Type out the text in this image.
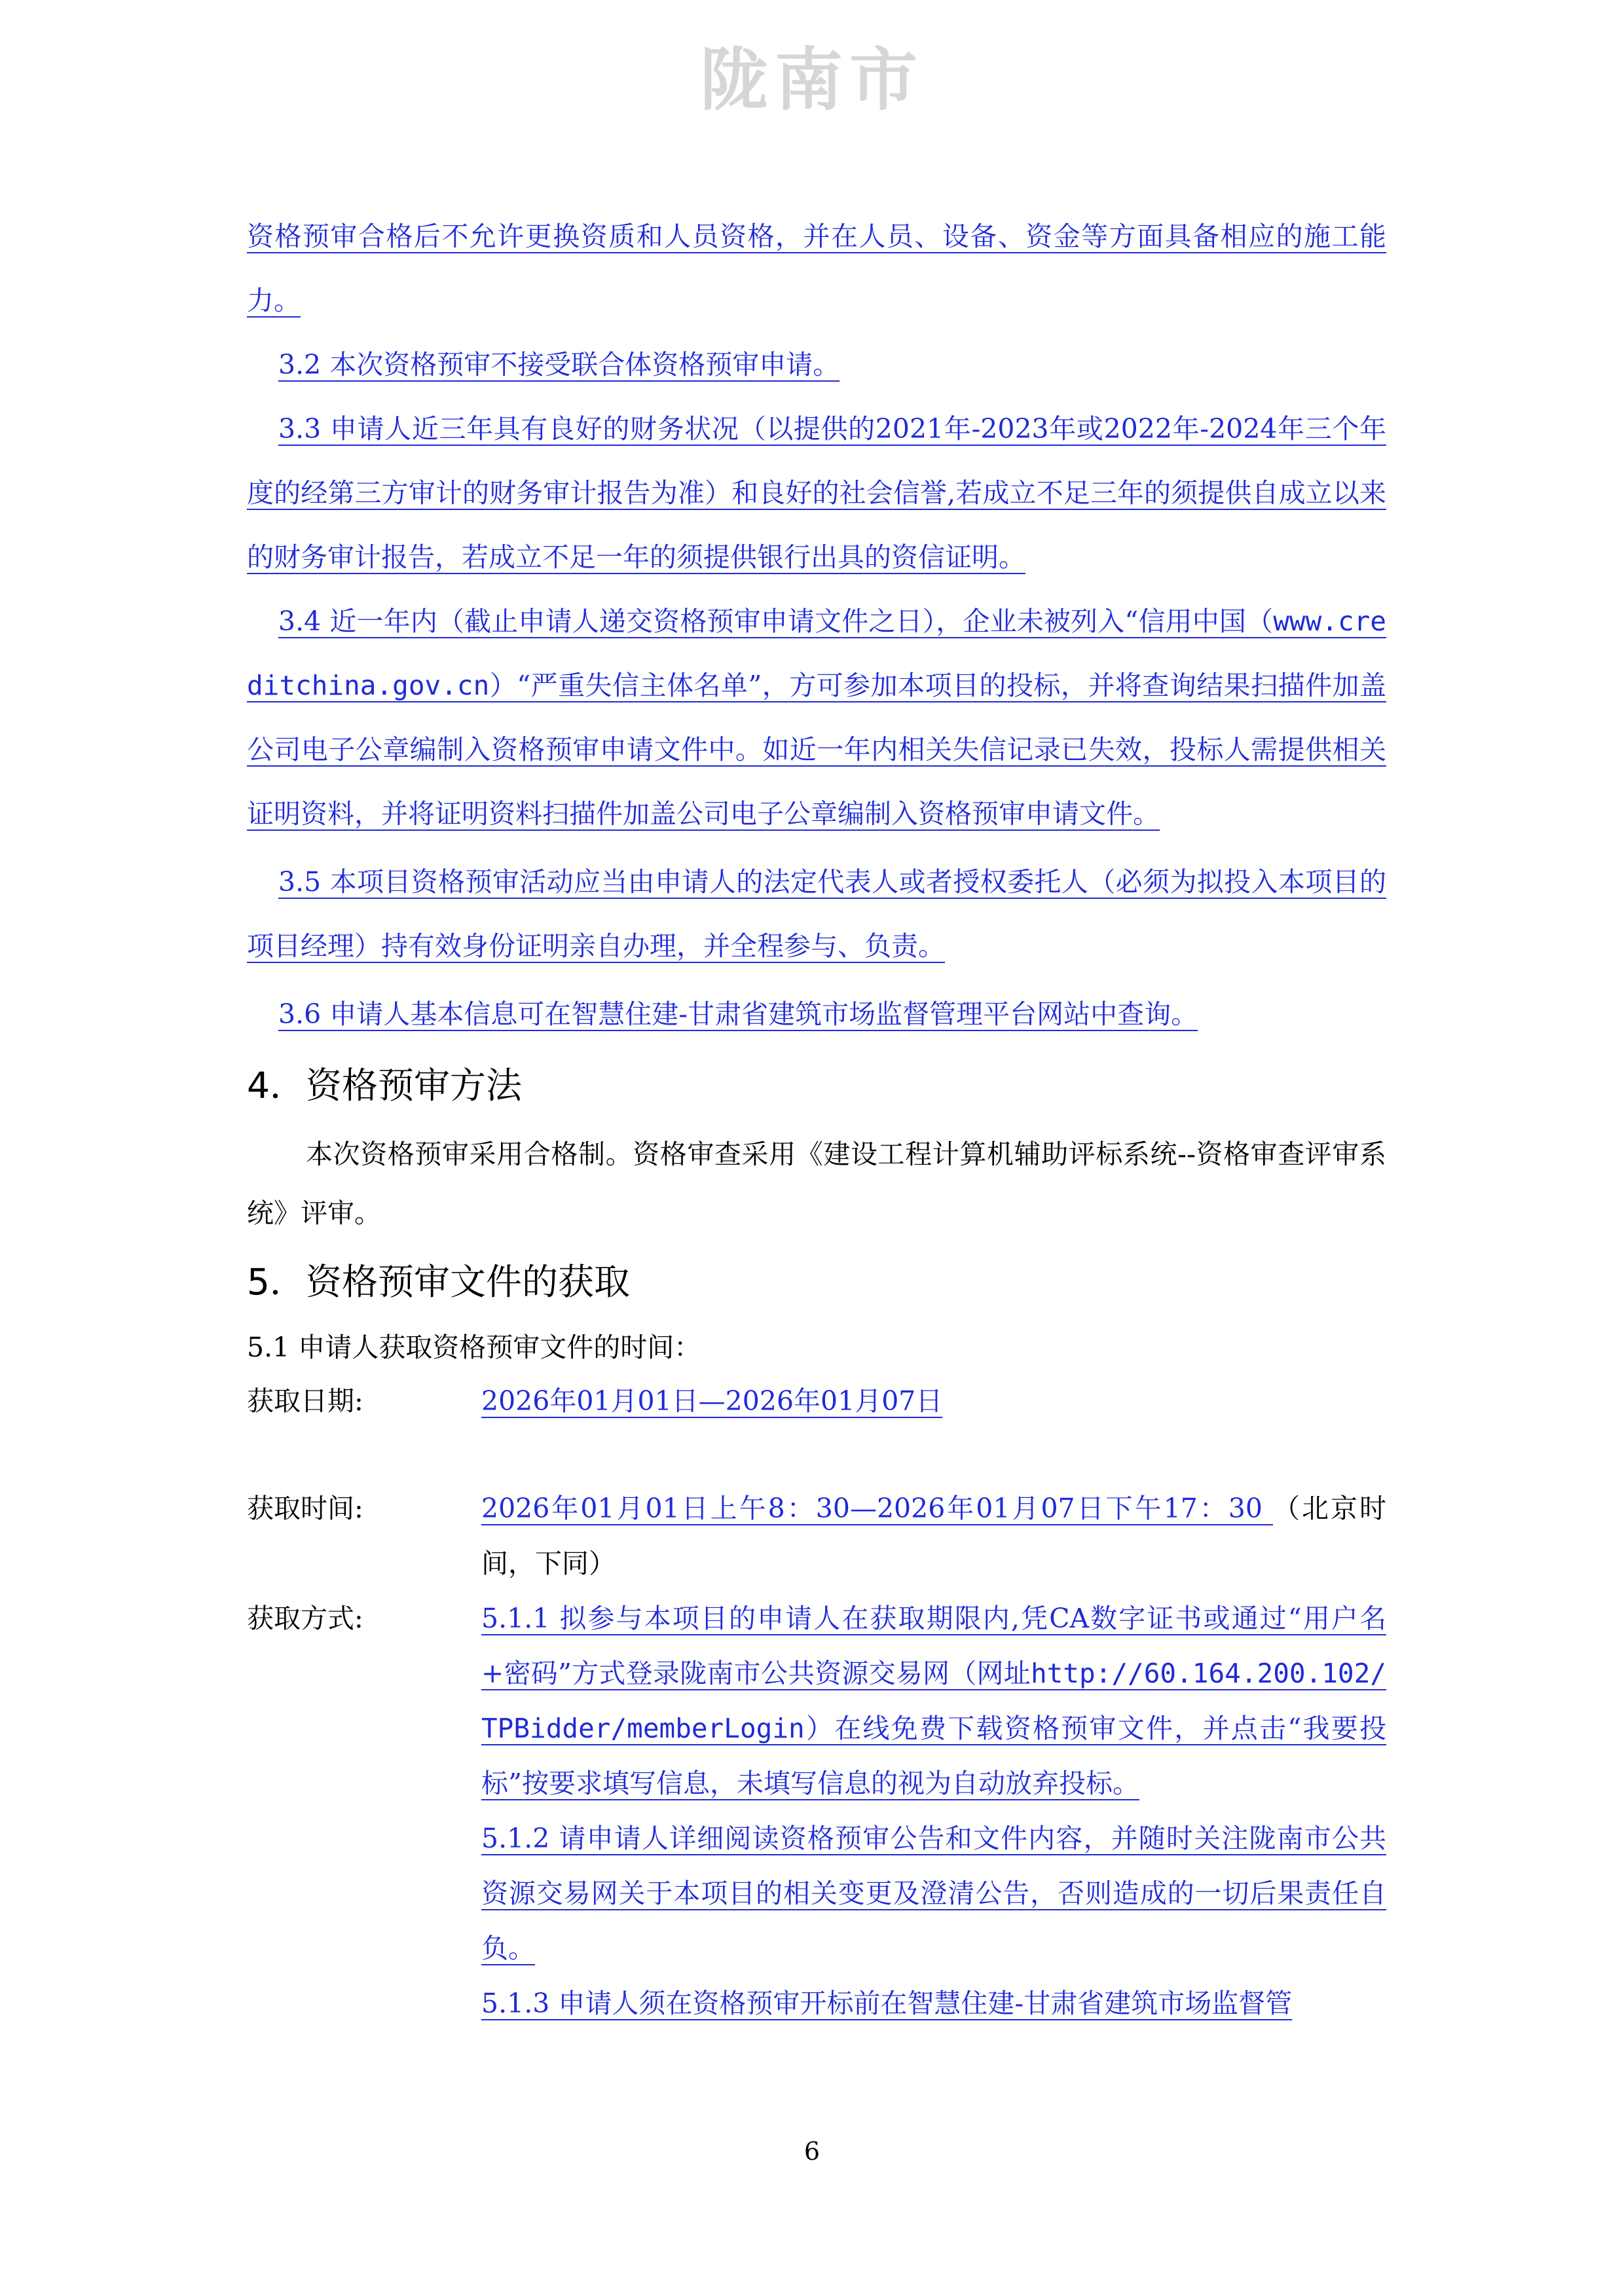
陇南市

资格预审合格后不允许更换资质和人员资格，并在人员、设备、资金等方面具备相应的施工能力。

3.2 本次资格预审不接受联合体资格预审申请。

3.3 申请人近三年具有良好的财务状况（以提供的2021年-2023年或2022年-2024年三个年度的经第三方审计的财务审计报告为准）和良好的社会信誉,若成立不足三年的须提供自成立以来的财务审计报告，若成立不足一年的须提供银行出具的资信证明。

3.4 近一年内（截止申请人递交资格预审申请文件之日），企业未被列入“信用中国（www.creditchina.gov.cn）“严重失信主体名单”，方可参加本项目的投标，并将查询结果扫描件加盖公司电子公章编制入资格预审申请文件中。如近一年内相关失信记录已失效，投标人需提供相关证明资料，并将证明资料扫描件加盖公司电子公章编制入资格预审申请文件。

3.5 本项目资格预审活动应当由申请人的法定代表人或者授权委托人（必须为拟投入本项目的项目经理）持有效身份证明亲自办理，并全程参与、负责。

3.6 申请人基本信息可在智慧住建-甘肃省建筑市场监督管理平台网站中查询。

4．资格预审方法

本次资格预审采用合格制。资格审查采用《建设工程计算机辅助评标系统--资格审查评审系统》评审。

5．资格预审文件的获取

5.1 申请人获取资格预审文件的时间：

获取日期:	2026年01月01日—2026年01月07日
获取时间:	2026年01月01日上午8：30—2026年01月07日下午17：30 （北京时间，下同）
获取方式:	5.1.1 拟参与本项目的申请人在获取期限内,凭CA数字证书或通过“用户名+密码”方式登录陇南市公共资源交易网（网址http://60.164.200.102/TPBidder/memberLogin）在线免费下载资格预审文件，并点击“我要投标”按要求填写信息，未填写信息的视为自动放弃投标。
5.1.2 请申请人详细阅读资格预审公告和文件内容，并随时关注陇南市公共资源交易网关于本项目的相关变更及澄清公告，否则造成的一切后果责任自负。
5.1.3 申请人须在资格预审开标前在智慧住建-甘肃省建筑市场监督管
6
